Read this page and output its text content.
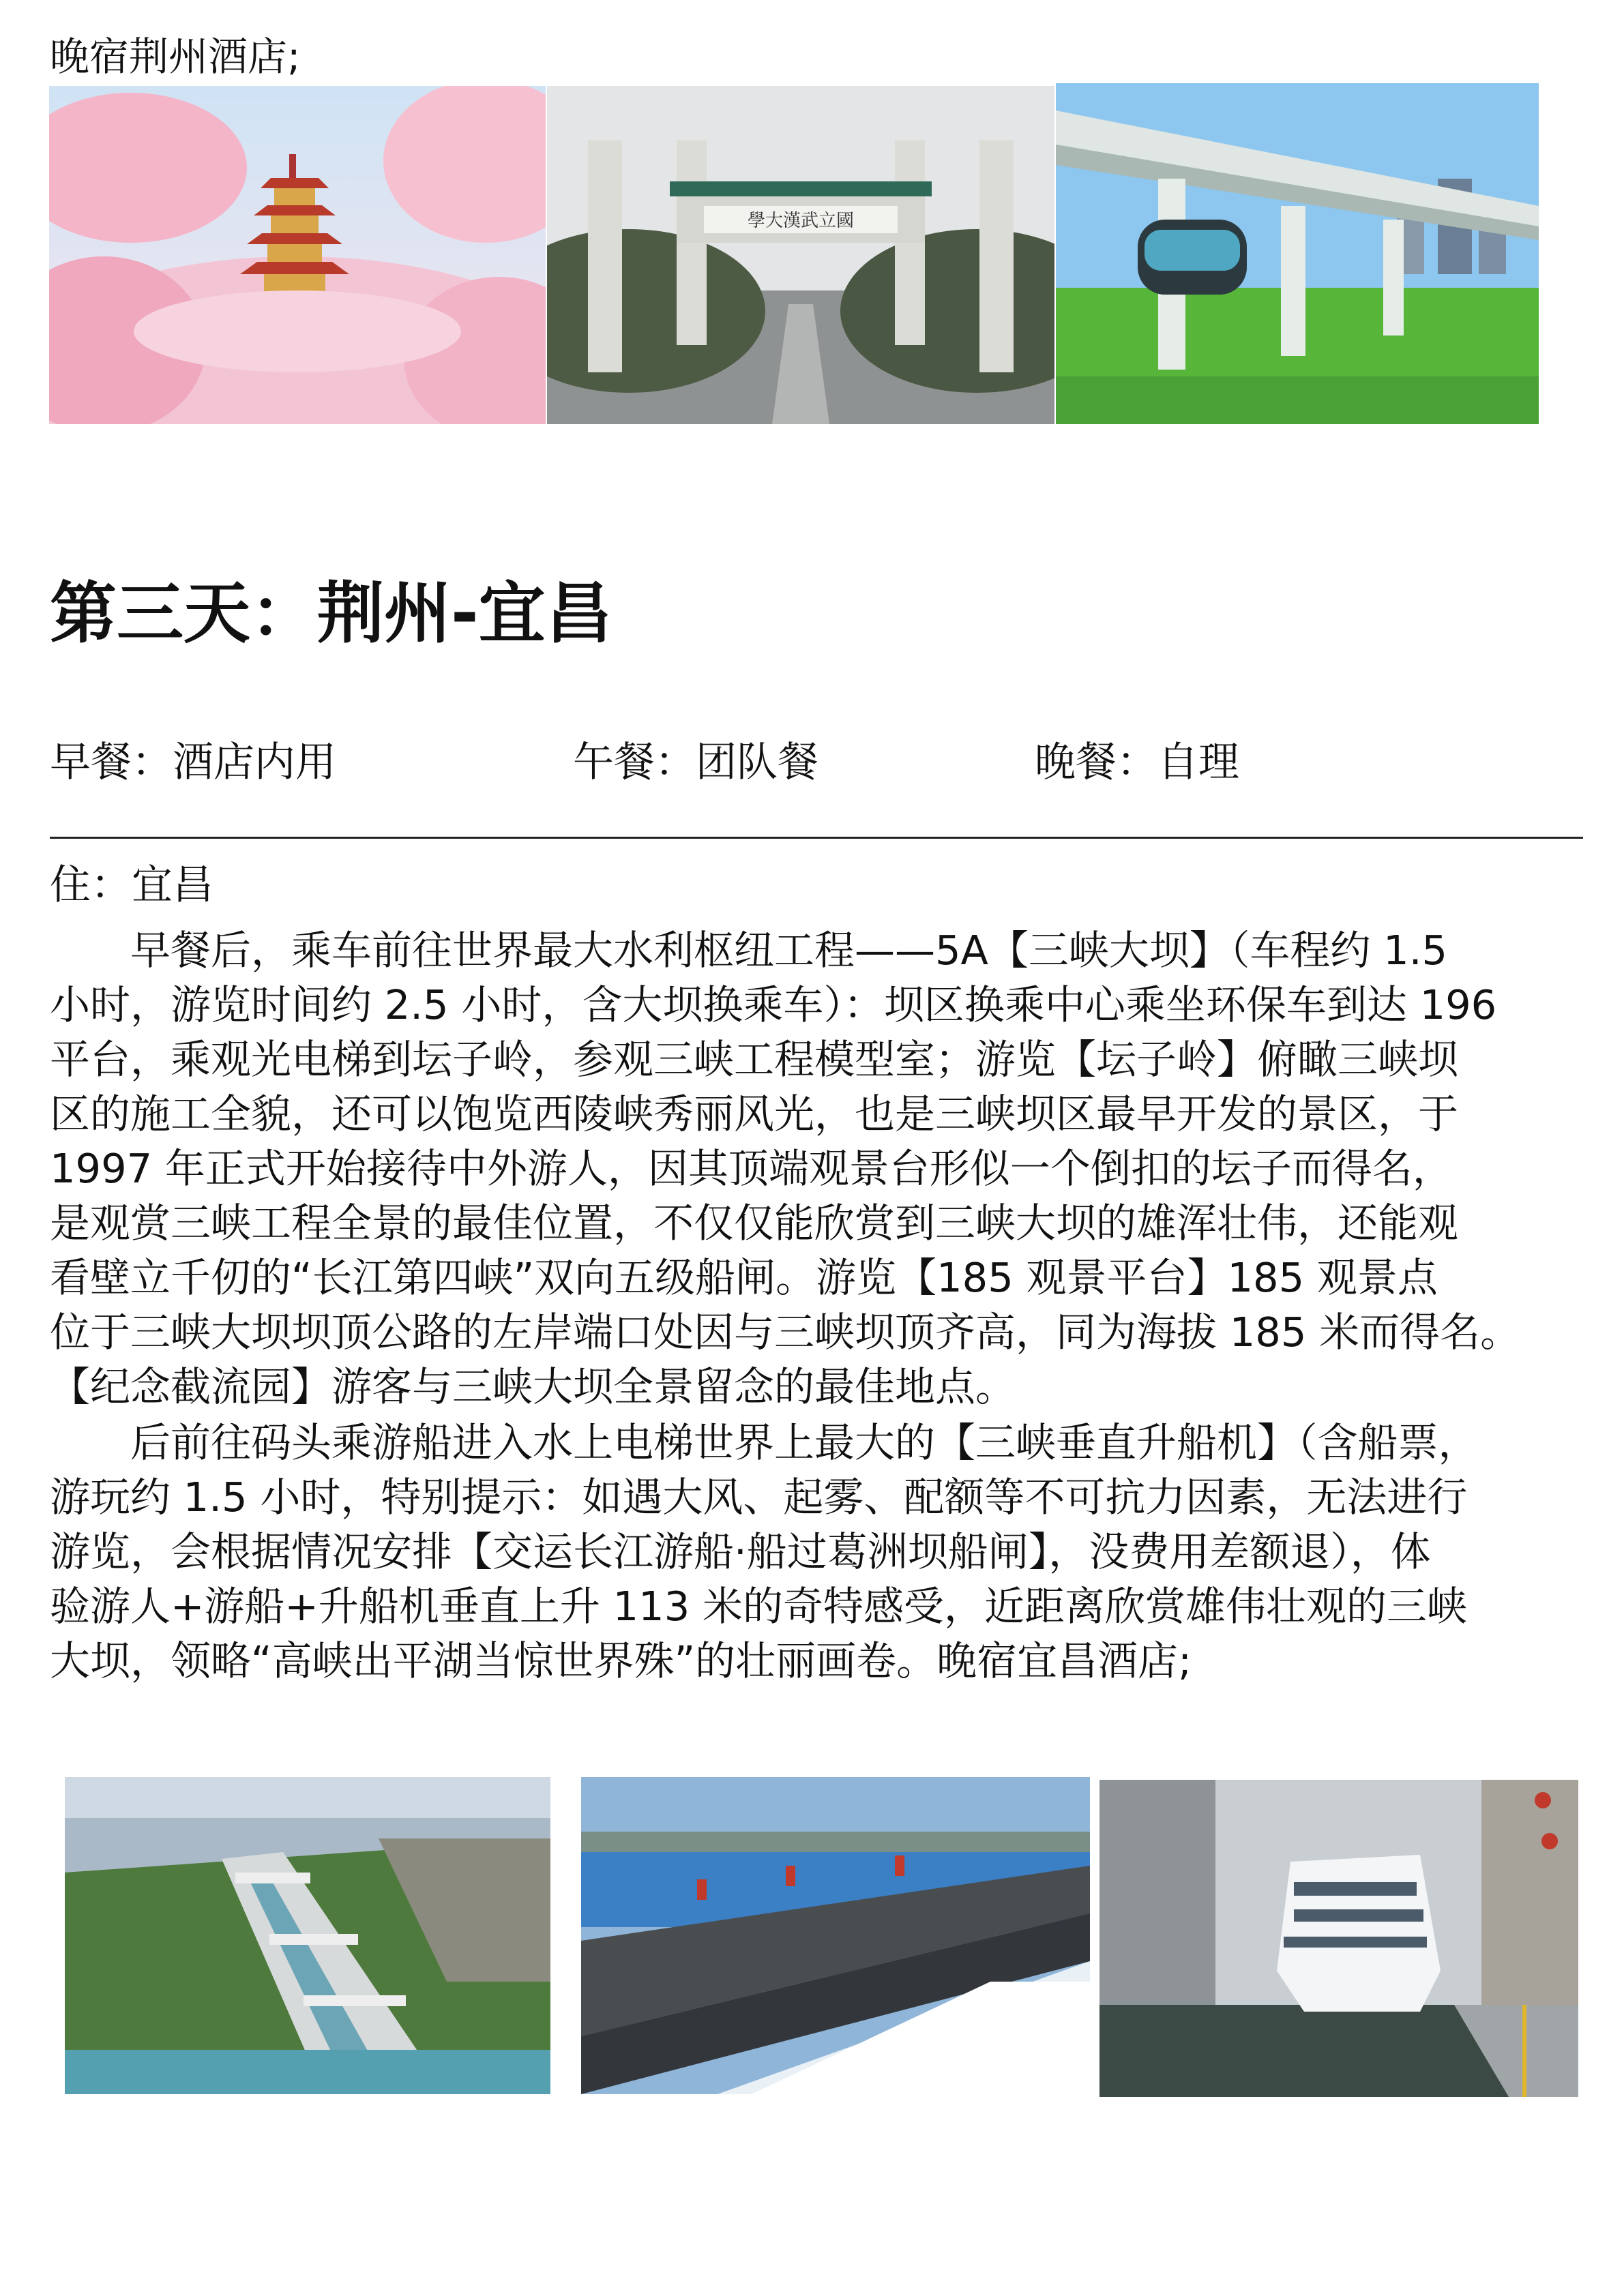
晚宿荆州酒店;
學大漢武立國
第三天：荆州-宜昌
早餐：酒店内用	午餐：团队餐	晚餐：自理
住：宜昌
　　早餐后，乘车前往世界最大水利枢纽工程——5A【三峡大坝】（车程约 1.5
小时，游览时间约 2.5 小时，含大坝换乘车）：坝区换乘中心乘坐环保车到达 196
平台，乘观光电梯到坛子岭，参观三峡工程模型室；游览【坛子岭】俯瞰三峡坝
区的施工全貌，还可以饱览西陵峡秀丽风光，也是三峡坝区最早开发的景区，于
1997 年正式开始接待中外游人，因其顶端观景台形似一个倒扣的坛子而得名，
是观赏三峡工程全景的最佳位置，不仅仅能欣赏到三峡大坝的雄浑壮伟，还能观
看壁立千仞的“长江第四峡”双向五级船闸。游览【185 观景平台】185 观景点
位于三峡大坝坝顶公路的左岸端口处因与三峡坝顶齐高，同为海拔 185 米而得名。
【纪念截流园】游客与三峡大坝全景留念的最佳地点。
　　后前往码头乘游船进入水上电梯世界上最大的【三峡垂直升船机】（含船票，
游玩约 1.5 小时，特别提示：如遇大风、起雾、配额等不可抗力因素，无法进行
游览，会根据情况安排【交运长江游船·船过葛洲坝船闸】，没费用差额退），体
验游人+游船+升船机垂直上升 113 米的奇特感受，近距离欣赏雄伟壮观的三峡
大坝，领略“高峡出平湖当惊世界殊”的壮丽画卷。晚宿宜昌酒店;
